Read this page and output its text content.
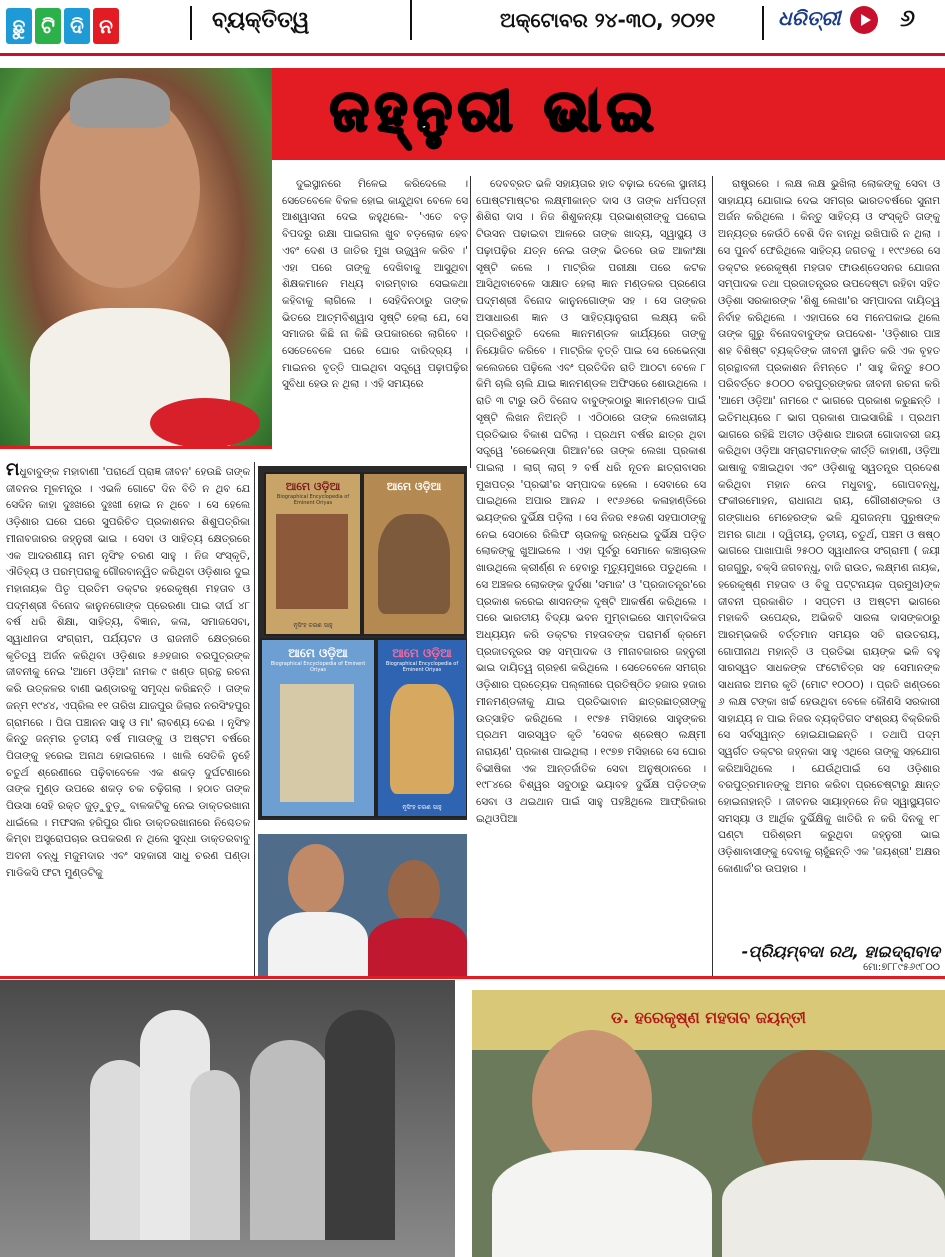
ଛୁ ଟି ଦି ନ	ବ୍ୟକ୍ତିତ୍ୱ	ଅକ୍ଟୋବର ୨୪-୩୦, ୨୦୨୧	ଧରିତ୍ରୀ ୬
ଜହ୍ନୁରୀ ଭାଇ

ଦୁଇସ୍ଥାନରେ ମିଳେଇ କରିଦେଲେ । ସେତେବେଳେ ବିକଳ ହୋଇ କାନ୍ଦୁଥିବା ବେଳେ ସେ ଆଶ୍ୱାସନା ଦେଇ କହୁଥିଲେ- 'ଏତେ ବଡ଼ ବିପଦରୁ ରକ୍ଷା ପାଇଗଲ ଖୁବ ବଡ଼ଲୋକ ହେବ ଏବଂ ଦେଶ ଓ ଜାତିର ମୁଖ ଉଜ୍ଜ୍ୱଳ କରିବ ।' ଏହା ପରେ ତାଙ୍କୁ ଦେଖିବାକୁ ଆସୁଥିବା ଶିକ୍ଷକମାନେ ମଧ୍ୟ ବାରମ୍ବାର ସେଇକଥା କହିବାକୁ ଲାଗିଲେ । ସେହିଦିନଠାରୁ ତାଙ୍କ ଭିତରେ ଆତ୍ମବିଶ୍ୱାସ ସୃଷ୍ଟି ହେଲା ଯେ, ସେ ସମାଜର କିଛି ନା କିଛି ଉପକାରରେ ଲାଗିବେ । ସେତେବେଳେ ଘରେ ଘୋର ଦାରିଦ୍ର୍ୟ । ମାଇନର ବୃତ୍ତି ପାଇଥିବା ସତ୍ତ୍ୱେ ପଢ଼ାପଢ଼ିର ସୁବିଧା ହେଉ ନ ଥିଲା । ଏହି ସମୟରେ

ମଧୁବାବୁଙ୍କ ମହାବାଣୀ 'ପରାର୍ଥେ ପ୍ରାଜ୍ଞ ଜୀବନ' ହେଉଛି ତାଙ୍କ ଜୀବନର ମୂଳମନ୍ତ୍ର । ଏଭଳି ଗୋଟେ ଦିନ ବିତି ନ ଥିବ ଯେ ସେଦିନ କାହା ଦୁଃଖରେ ଦୁଃଖୀ ହୋଇ ନ ଥିବେ । ସେ ହେଲେ ଓଡ଼ିଶାର ଘରେ ଘରେ ସୁପରିଚିତ ପ୍ରକାଶନର ଶିଶୁପତ୍ରିକା ମୀନାବଜାରର ଜହ୍ନୁରୀ ଭାଇ । ସେବା ଓ ସାହିତ୍ୟ କ୍ଷେତ୍ରରେ ଏକ ଆଦରଣୀୟ ନାମ ନୃସିଂହ ଚରଣ ସାହୁ । ନିଜ ସଂସ୍କୃତି, ଐତିହ୍ୟ ଓ ପରମ୍ପରାକୁ ଗୌରବାନ୍ୱିତ କରିଥିବା ଓଡ଼ିଶାର ଦୁଇ ମହାନାୟକ ପିତୃ ପ୍ରତିମ ଡକ୍ଟର ହରେକୃଷ୍ଣ ମହତାବ ଓ ପଦ୍ମଶ୍ରୀ ବିନୋଦ କାନୁନଗୋଙ୍କ ପ୍ରେରଣା ପାଇ ଦୀର୍ଘ ୪୮ ବର୍ଷ ଧରି ଶିକ୍ଷା, ସାହିତ୍ୟ, ବିଜ୍ଞାନ, କଳା, ସମାଜସେବା, ସ୍ୱାଧୀନତା ସଂଗ୍ରାମ, ପର୍ଯ୍ୟଟନ ଓ ରାଜନୀତି କ୍ଷେତ୍ରରେ କୃତିତ୍ୱ ଅର୍ଜନ କରିଥିବା ଓଡ଼ିଶାର ୫୬ହଜାର ବରପୁତ୍ରଙ୍କ ଜୀବନୀକୁ ନେଇ 'ଆମେ ଓଡ଼ିଆ' ନାମକ ୯ ଖଣ୍ଡ ଗ୍ରନ୍ଥ ରଚନା କରି ଉତ୍କଳର ବାଣୀ ଭଣ୍ଡାରକୁ ସମୃଦ୍ଧ କରିଛନ୍ତି । ତାଙ୍କ ଜନ୍ମ ୧୯୪୪, ଏପ୍ରିଲ ୧୧ ତାରିଖ ଯାଜପୁର ଜିଲାର ନରସିଂହପୁର ଗ୍ରାମରେ । ପିତା ପଞ୍ଚାନନ ସାହୁ ଓ ମା' ଲାବଣ୍ୟ ଦେଈ । ନୃସିଂହ କିନ୍ତୁ ଜନ୍ମର ତୃତୀୟ ବର୍ଷ ମାତାଙ୍କୁ ଓ ଅଷ୍ଟମ ବର୍ଷରେ ପିତାଙ୍କୁ ହରେଇ ଅନାଥ ହୋଇଗଲେ । ଖାଲି ସେତିକି ନୁହେଁ ଚତୁର୍ଥ ଶ୍ରେଣୀରେ ପଢ଼ିବାବେଳେ ଏକ ଶକଡ଼ ଦୁର୍ଘଟଣାରେ ତାଙ୍କ ମୁଣ୍ଡ ଉପରେ ଶକଡ଼ ଚକ ଚଢ଼ିଗଲା । ହଠାତ ତାଙ୍କ ପିଉସା ସେହି ରକ୍ତ ଜୁଡ଼ୁବୁଡ଼ୁ ବାଳକଟିକୁ ନେଇ ଡାକ୍ତରଖାନା ଧାଇଁଲେ । ମଫସଲ ହରିପୁର ଗାଁର ଡାକ୍ତରଖାନାରେ ନିଶ୍ଚେତକ କିମ୍ବା ଅସ୍ତ୍ରୋପଚାର ଉପକରଣ ନ ଥିଲେ ସୁଦ୍ଧା ଡାକ୍ତରବାବୁ ଅବନୀ ବନ୍ଧୁ ମଜୁମଦାର ଏବଂ ସହକାରୀ ସାଧୁ ଚରଣ ପଣ୍ଡା ମାଡିକସି ଫଟା ମୁଣ୍ଡଟିକୁ

ଦେବବ୍ରତ ଭଳି ସହାୟତାର ହାତ ବଢ଼ାଇ ଦେଲେ ସ୍ଥାନୀୟ ପୋଷ୍ଟମାଷ୍ଟର ଲକ୍ଷ୍ମୀକାନ୍ତ ଦାସ ଓ ତାଙ୍କ ଧର୍ମପତ୍ନୀ ଶିଶିରା ଦାସ । ନିଜ ଶିଶୁକନ୍ୟା ପ୍ରଭାଶ୍ରୀଙ୍କୁ ଘରୋଇ ଟିଉସନ ପଢାଇବା ଆଳରେ ତାଙ୍କ ଖାଦ୍ୟ, ସ୍ୱାସ୍ଥ୍ୟ ଓ ପଢ଼ାପଢ଼ିର ଯତ୍ନ ନେଇ ତାଙ୍କ ଭିତରେ ଉଚ୍ଚ ଆକାଂକ୍ଷା ସୃଷ୍ଟି କଲେ । ମାଟ୍ରିକ ପରୀକ୍ଷା ପରେ କଟକ ଆସିଥିବାବେଳେ ସାକ୍ଷାତ ହେଲା ଜ୍ଞାନ ମଣ୍ଡଳର ପ୍ରଣେତା ପଦ୍ମଶ୍ରୀ ବିନୋଦ କାନୁନଗୋଙ୍କ ସହ । ସେ ତାଙ୍କର ଅସାଧାରଣ ଜ୍ଞାନ ଓ ସାହିତ୍ୟାନୁରାଗ ଲକ୍ଷ୍ୟ କରି ପ୍ରତିଶ୍ରୁତି ଦେଲେ ଜ୍ଞାନମଣ୍ଡଳ କାର୍ଯ୍ୟରେ ତାଙ୍କୁ ନିୟୋଜିତ କରିବେ । ମାଟ୍ରିକ ବୃତ୍ତି ପାଇ ସେ ରେଭେନ୍ସା କଲେଜରେ ପଢ଼ିଲେ ଏବଂ ପ୍ରତିଦିନ ରାତି ଆଠଟା ବେଳେ ୮ କିମି ଚାଲି ଚାଲି ଯାଇ ଜ୍ଞାନମଣ୍ଡଳ ଅଫିସରେ ଶୋଉଥିଲେ । ରାତି ୩ ଟାରୁ ଉଠି ବିନୋଦ ବାବୁଙ୍କଠାରୁ ଜ୍ଞାନମଣ୍ଡଳ ପାଇଁ ସୃଷ୍ଟି ଲିଖନ ନିଅନ୍ତି । ଏଠିଠାରେ ତାଙ୍କ ଲେଖକୀୟ ପ୍ରତିଭାର ବିକାଶ ଘଟିଲା । ପ୍ରଥମ ବର୍ଷର ଛାତ୍ର ଥିବା ସତ୍ତ୍ୱେ 'ରେଭେନ୍ସା ଗିଆନ'ରେ ତାଙ୍କ ଲେଖା ପ୍ରକାଶ ପାଇଲା । ଲାଗ୍ ଲାଗ୍ ୨ ବର୍ଷ ଧରି ନୂତନ ଛାତ୍ରାବାସର ମୁଖପତ୍ର 'ପ୍ରଭୀ'ର ସମ୍ପାଦକ ହେଲେ । ସେବାରେ ସେ ପାଇଥିଲେ ଅପାର ଆନନ୍ଦ । ୧୯୬୬ରେ କଳାହାଣ୍ଡିରେ ଭୟଙ୍କର ଦୁର୍ଭିକ୍ଷ ପଡ଼ିଲା । ସେ ନିଜର ୧୫ଜଣ ସହପାଠୀଙ୍କୁ ନେଇ ସେଠାରେ ରିଲିଫ ଚାଉଳକୁ ରନ୍ଧେଇ ଦୁର୍ଭିକ୍ଷ ପଡ଼ିତ ଲୋକଙ୍କୁ ଖୁଆଇଲେ । ଏହା ପୂର୍ବରୁ ସେମାନେ କଞ୍ଚାଚାଉଳ ଖାଉଥିଲେ କ୍ରୀର୍ଣ୍ଣ ନ ହେବାରୁ ମୃତ୍ୟୁମୁଖରେ ପଡୁଥିଲେ । ସେ ଅଞ୍ଚଳର ଲୋକଙ୍କ ଦୁର୍ଦଶା 'ସମାଜ' ଓ 'ପ୍ରଜାତନ୍ତ୍ର'ରେ ପ୍ରକାଶ କରେଇ ଶାସନଙ୍କ ଦୃଷ୍ଟି ଆକର୍ଷଣ କରିଥିଲେ । ପରେ ଭାରତୀୟ ବିଦ୍ୟା ଭବନ ମୁମ୍ବାଇରେ ସାମ୍ବାଦିକତା ଅଧ୍ୟୟନ କରି ଡକ୍ଟର ମହତାବଙ୍କ ପରାମର୍ଶ କ୍ରମେ ପ୍ରଜାତନ୍ତ୍ରର ସହ ସମ୍ପାଦକ ଓ ମୀନାବଜାରର ଜହ୍ନୁରୀ ଭାଇ ଦାୟିତ୍ୱ ଗ୍ରହଣ କରିଥିଲେ । ସେତେବେଳେ ସମଗ୍ର ଓଡ଼ିଶାର ପ୍ରତ୍ୟେକ ପଲ୍ଲୀରେ ପ୍ରତିଷ୍ଠିତ ହଜାର ହଜାର ମୀନମଣ୍ଡଳୀକୁ ଯାଇ ପ୍ରତିଭାବାନ ଛାତ୍ରଛାତ୍ରୀଙ୍କୁ ଉତ୍ସାହିତ କରିଥିଲେ । ୧୯୭୫ ମସିହାରେ ସାହୁଙ୍କର ପ୍ରଥମ ସାରସ୍ୱତ କୃତି 'ସେବକ ଶ୍ରେଷ୍ଠ ଲକ୍ଷ୍ମୀ ନାରାୟଣ' ପ୍ରକାଶ ପାଇଥିଲା । ୧୯୭୭ ମସିହାରେ ସେ ଘୋର ବିଭୀଷିକା ଏକ ଆନ୍ତର୍ଜାତିକ ସେବା ଅନୁଷ୍ଠାନରେ । ୧୯୮୪ରେ ବିଶ୍ୱର ସବୁଠାରୁ ଭୟାବହ ଦୁର୍ଭିକ୍ଷ ପଡ଼ିତଙ୍କ ସେବା ଓ ଥଇଥାନ ପାଇଁ ସାହୁ ପହଞ୍ଚିଥିଲେ ଆଫ୍ରିକାର ଇଥିଓପିଆ

ରାଷ୍ଟ୍ରରେ । ଲକ୍ଷ ଲକ୍ଷ ଭୁଖିଲା ଲୋକଙ୍କୁ ସେବା ଓ ସାହାଯ୍ୟ ଯୋଗାଇ ଦେଇ ସମଗ୍ର ଭାରତବର୍ଷରେ ସୁନାମ ଅର୍ଜନ କରିଥିଲେ । କିନ୍ତୁ ସାହିତ୍ୟ ଓ ସଂସ୍କୃତି ତାଙ୍କୁ ଅନ୍ୟତ୍ର କେଉଁଠି ବେଶି ଦିନ ବାନ୍ଧି ରଖିପାରି ନ ଥିଲା । ସେ ପୁନର୍ବ ଫେରିଥିଲେ ସାହିତ୍ୟ ଜଗତକୁ । ୧୯୯୬ରେ ସେ ଡକ୍ଟର ହରେକୃଷ୍ଣ ମହତାବ ଫାଉଣ୍ଡେସନର ଯୋଜନା ସମ୍ପାଦକ ତଥା ପ୍ରଜାତନ୍ତ୍ରର ଉପଦେଷ୍ଟା ରହିବା ସହିତ ଓଡ଼ିଶା ସରକାରଙ୍କ 'ଶିଶୁ ଲେଖା'ର ସମ୍ପାଦନା ଦାୟିତ୍ୱ ନିର୍ବାହ କରିଥିଲେ । ଏହାପରେ ସେ ମନେପକାଇ ଥିଲେ ତାଙ୍କ ଗୁରୁ ବିନୋଦବାବୁଙ୍କ ଉପଦେଶ- 'ଓଡ଼ିଶାର ପାଞ୍ଚ ଶହ ବିଶିଷ୍ଟ ବ୍ୟକ୍ତିଙ୍କ ଜୀବନୀ ସ୍ଥାନିତ କରି ଏକ ବୃହତ ଗ୍ରନ୍ଥାବଳୀ ପ୍ରକାଶନ ନିମନ୍ତେ ।' ସାହୁ କିନ୍ତୁ ୫୦୦ ପରିବର୍ତ୍ତେ ୫୦୦୦ ବରପୁତ୍ରଙ୍କର ଜୀବନୀ ରଚନା କରି 'ଆମେ ଓଡ଼ିଆ' ନାମରେ ୯ ଭାଗରେ ପ୍ରକାଶ କରୁଛନ୍ତି । ଇତିମଧ୍ୟରେ ୮ ଭାଗ ପ୍ରକାଶ ପାଇସାରିଛି । ପ୍ରଥମ ଭାଗରେ ରହିଛି ଅତୀତ ଓଡ଼ିଶାର ଆରଜୀ ଗୋଦାବରୀ ଜୟ କରିଥିବା ଓଡ଼ିଆ ସମ୍ରାଟମାନଙ୍କ କୀର୍ତ୍ତି କାହାଣୀ, ଓଡ଼ିଆ ଭାଷାକୁ ବଞ୍ଚାଇଥିବା ଏବଂ ଓଡ଼ିଶାକୁ ସ୍ୱତନ୍ତ୍ର ପ୍ରଦେଶ କରିଥିବା ମହାନ ନେତା ମଧୁବାବୁ, ଗୋପବନ୍ଧୁ, ଫକୀରମୋହନ, ରାଧାନାଥ ରାୟ, ଗୌରୀଶଙ୍କର ଓ ଗଙ୍ଗାଧର ମେହେରଙ୍କ ଭଳି ଯୁଗଜନ୍ମା ପୁରୁଷଙ୍କ ଅମର ଗାଥା । ଦ୍ୱିତୀୟ, ତୃତୀୟ, ଚତୁର୍ଥ, ପଞ୍ଚମ ଓ ଷଷ୍ଠ ଭାଗରେ ପାଖାପାଖି ୨୫୦୦ ସ୍ୱାଧୀନତା ସଂଗ୍ରାମୀ ( ଜୟୀ ରାଜଗୁରୁ, ବକ୍ସି ଜଗବନ୍ଧୁ, ବାଜି ରାଉତ, ଲକ୍ଷ୍ମଣ ନାୟକ, ହରେକୃଷ୍ଣ ମହତାବ ଓ ବିଜୁ ପଟ୍ଟନାୟକ ପ୍ରମୁଖ)ଙ୍କ ଜୀବନୀ ପ୍ରକାଶିତ । ସପ୍ତମ ଓ ଅଷ୍ଟମ ଭାଗରେ ମହାକବି ଉପେନ୍ଦ୍ର, ଅଭିକବି ସାରଳା ଦାସଙ୍କଠାରୁ ଆରମ୍ଭକରି ବର୍ତ୍ତମାନ ସମୟର ସଚି ରାଉତରାୟ, ଗୋପୀନାଥ ମହାନ୍ତି ଓ ପ୍ରତିଭା ରାୟଙ୍କ ଭଳି ବହୁ ସାରସ୍ୱତ ସାଧକଙ୍କ ଫଟୋଚିତ୍ର ସହ ସେମାନଙ୍କ ସାଧନାର ଅମର କୃତି (ମୋଟ ୧୦୦୦) । ପ୍ରତି ଖଣ୍ଡରେ ୬ ଲକ୍ଷ ଟଙ୍କା ଖର୍ଚ୍ଚ ହେଉଥିବା ବେଳେ କୌଣସି ସରକାରୀ ସାହାଯ୍ୟ ନ ପାଇ ନିଜର ବ୍ୟକ୍ତିଗତ ସଂଶ୍ରୟ ବିକ୍ରିକରି ସେ ସର୍ବସ୍ୱାନ୍ତ ହୋଇଯାଇଛନ୍ତି । ତଥାପି ପଦ୍ମ ସ୍ୱର୍ଗତ ଡକ୍ଟର ଜହ୍ନକା ସାହୁ ଏଥିରେ ତାଙ୍କୁ ସହଯୋଗ କରିଆସିଥିଲେ । ଯେଉଁଥିପାଇଁ ସେ ଓଡ଼ିଶାର ବରପୁତ୍ରମାନଙ୍କୁ ଅମର କରିବା ପ୍ରଚେଷ୍ଟାରୁ କ୍ଷାନ୍ତ ହୋଇନାହାନ୍ତି । ଜୀବନର ସାୟାହ୍ନରେ ନିଜ ସ୍ୱାସ୍ଥ୍ୟଗତ ସମସ୍ୟା ଓ ଆର୍ଥିକ ଦୁର୍ଭିକ୍ଷିକୁ ଖାତିରି ନ କରି ଦିନକୁ ୧୮ ଘଣ୍ଟା ପରିଶ୍ରମ କରୁଥିବା ଜହ୍ନୁରୀ ଭାଇ ଓଡ଼ିଶାବାସୀଙ୍କୁ ଦେବାକୁ ଚାହୁଁଛନ୍ତି ଏକ 'ଜୟଶ୍ରୀ' ଅକ୍ଷର କୋଣାର୍କ'ର ଉପହାର ।

-ପ୍ରିୟମ୍ବଦା ରଥ, ହାଇଦ୍ରାବାଦ
ମୋ:୭୮୮୯୫୬୯୮୦୦
ଆମେ ଓଡ଼ିଆ
Biographical Encyclopedia of Eminent Oriyas
ନୃସିଂହ ଚରଣ ସାହୁ
ଆମେ ଓଡ଼ିଆ
ଆମେ ଓଡ଼ିଆ
Biographical Encyclopedia of Eminent Oriyas
ଆମେ ଓଡ଼ିଆ
Biographical Encyclopedia of Eminent Oriyas
ନୃସିଂହ ଚରଣ ସାହୁ
ଡ. ହରେକୃଷ୍ଣ ମହତାବ ଜୟନ୍ତୀ
